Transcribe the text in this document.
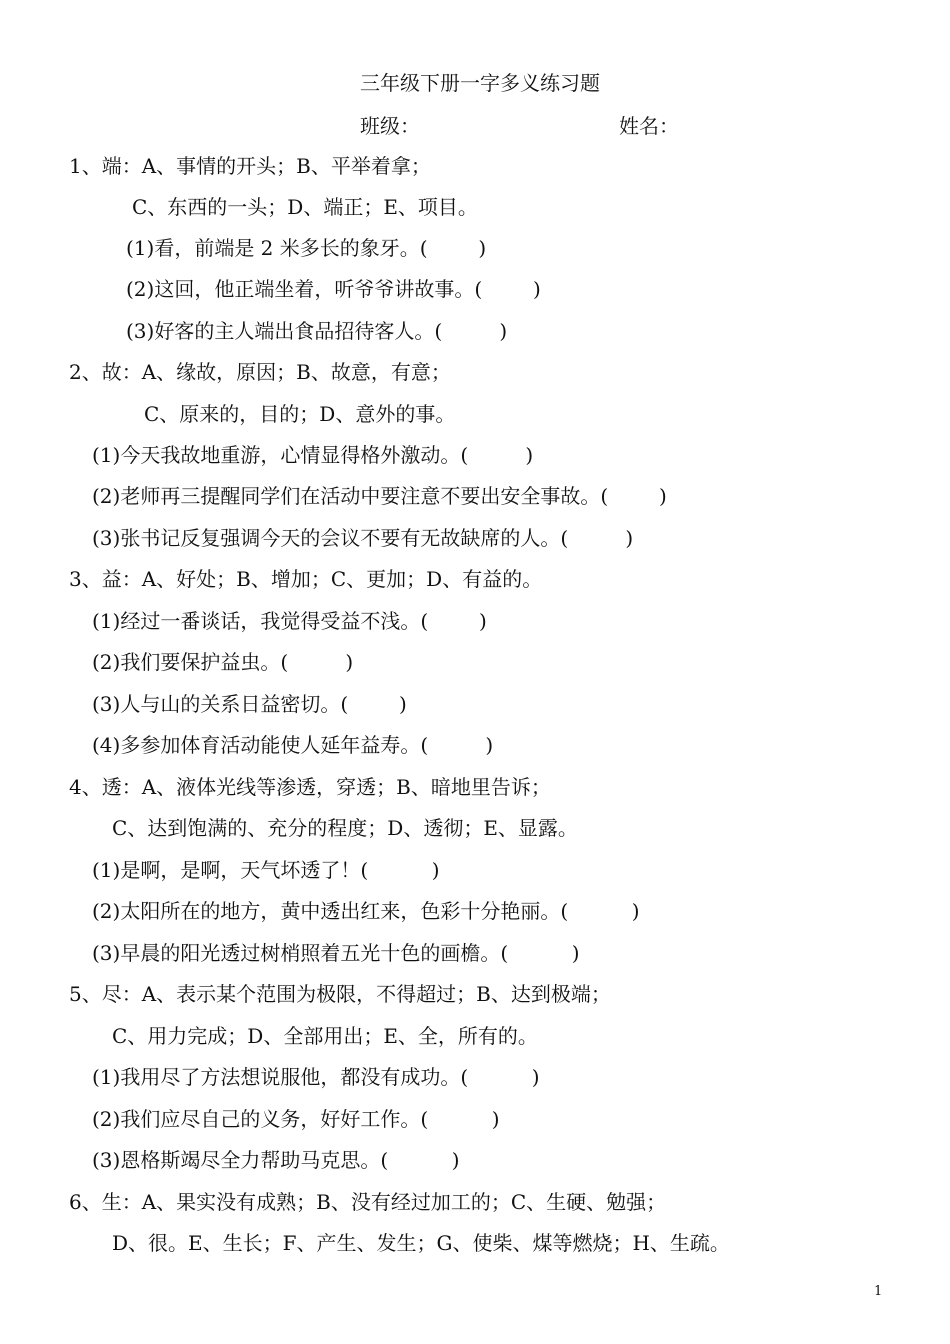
三年级下册一字多义练习题
班级：	姓名：
1、端：A、事情的开头；B、平举着拿；
C、东西的一头；D、端正；E、项目。
(1)看，前端是 2 米多长的象牙。(        )
(2)这回，他正端坐着，听爷爷讲故事。(        )
(3)好客的主人端出食品招待客人。(         )
2、故：A、缘故，原因；B、故意，有意；
C、原来的，目的；D、意外的事。
(1)今天我故地重游，心情显得格外激动。(         )
(2)老师再三提醒同学们在活动中要注意不要出安全事故。(        )
(3)张书记反复强调今天的会议不要有无故缺席的人。(         )
3、益：A、好处；B、增加；C、更加；D、有益的。
(1)经过一番谈话，我觉得受益不浅。(        )
(2)我们要保护益虫。(         )
(3)人与山的关系日益密切。(        )
(4)多参加体育活动能使人延年益寿。(         )
4、透：A、液体光线等渗透，穿透；B、暗地里告诉；
C、达到饱满的、充分的程度；D、透彻；E、显露。
(1)是啊，是啊，天气坏透了！(          )
(2)太阳所在的地方，黄中透出红来，色彩十分艳丽。(          )
(3)早晨的阳光透过树梢照着五光十色的画檐。(          )
5、尽：A、表示某个范围为极限，不得超过；B、达到极端；
C、用力完成；D、全部用出；E、全，所有的。
(1)我用尽了方法想说服他，都没有成功。(          )
(2)我们应尽自己的义务，好好工作。(          )
(3)恩格斯竭尽全力帮助马克思。(          )
6、生：A、果实没有成熟；B、没有经过加工的；C、生硬、勉强；
D、很。E、生长；F、产生、发生；G、使柴、煤等燃烧；H、生疏。
1
